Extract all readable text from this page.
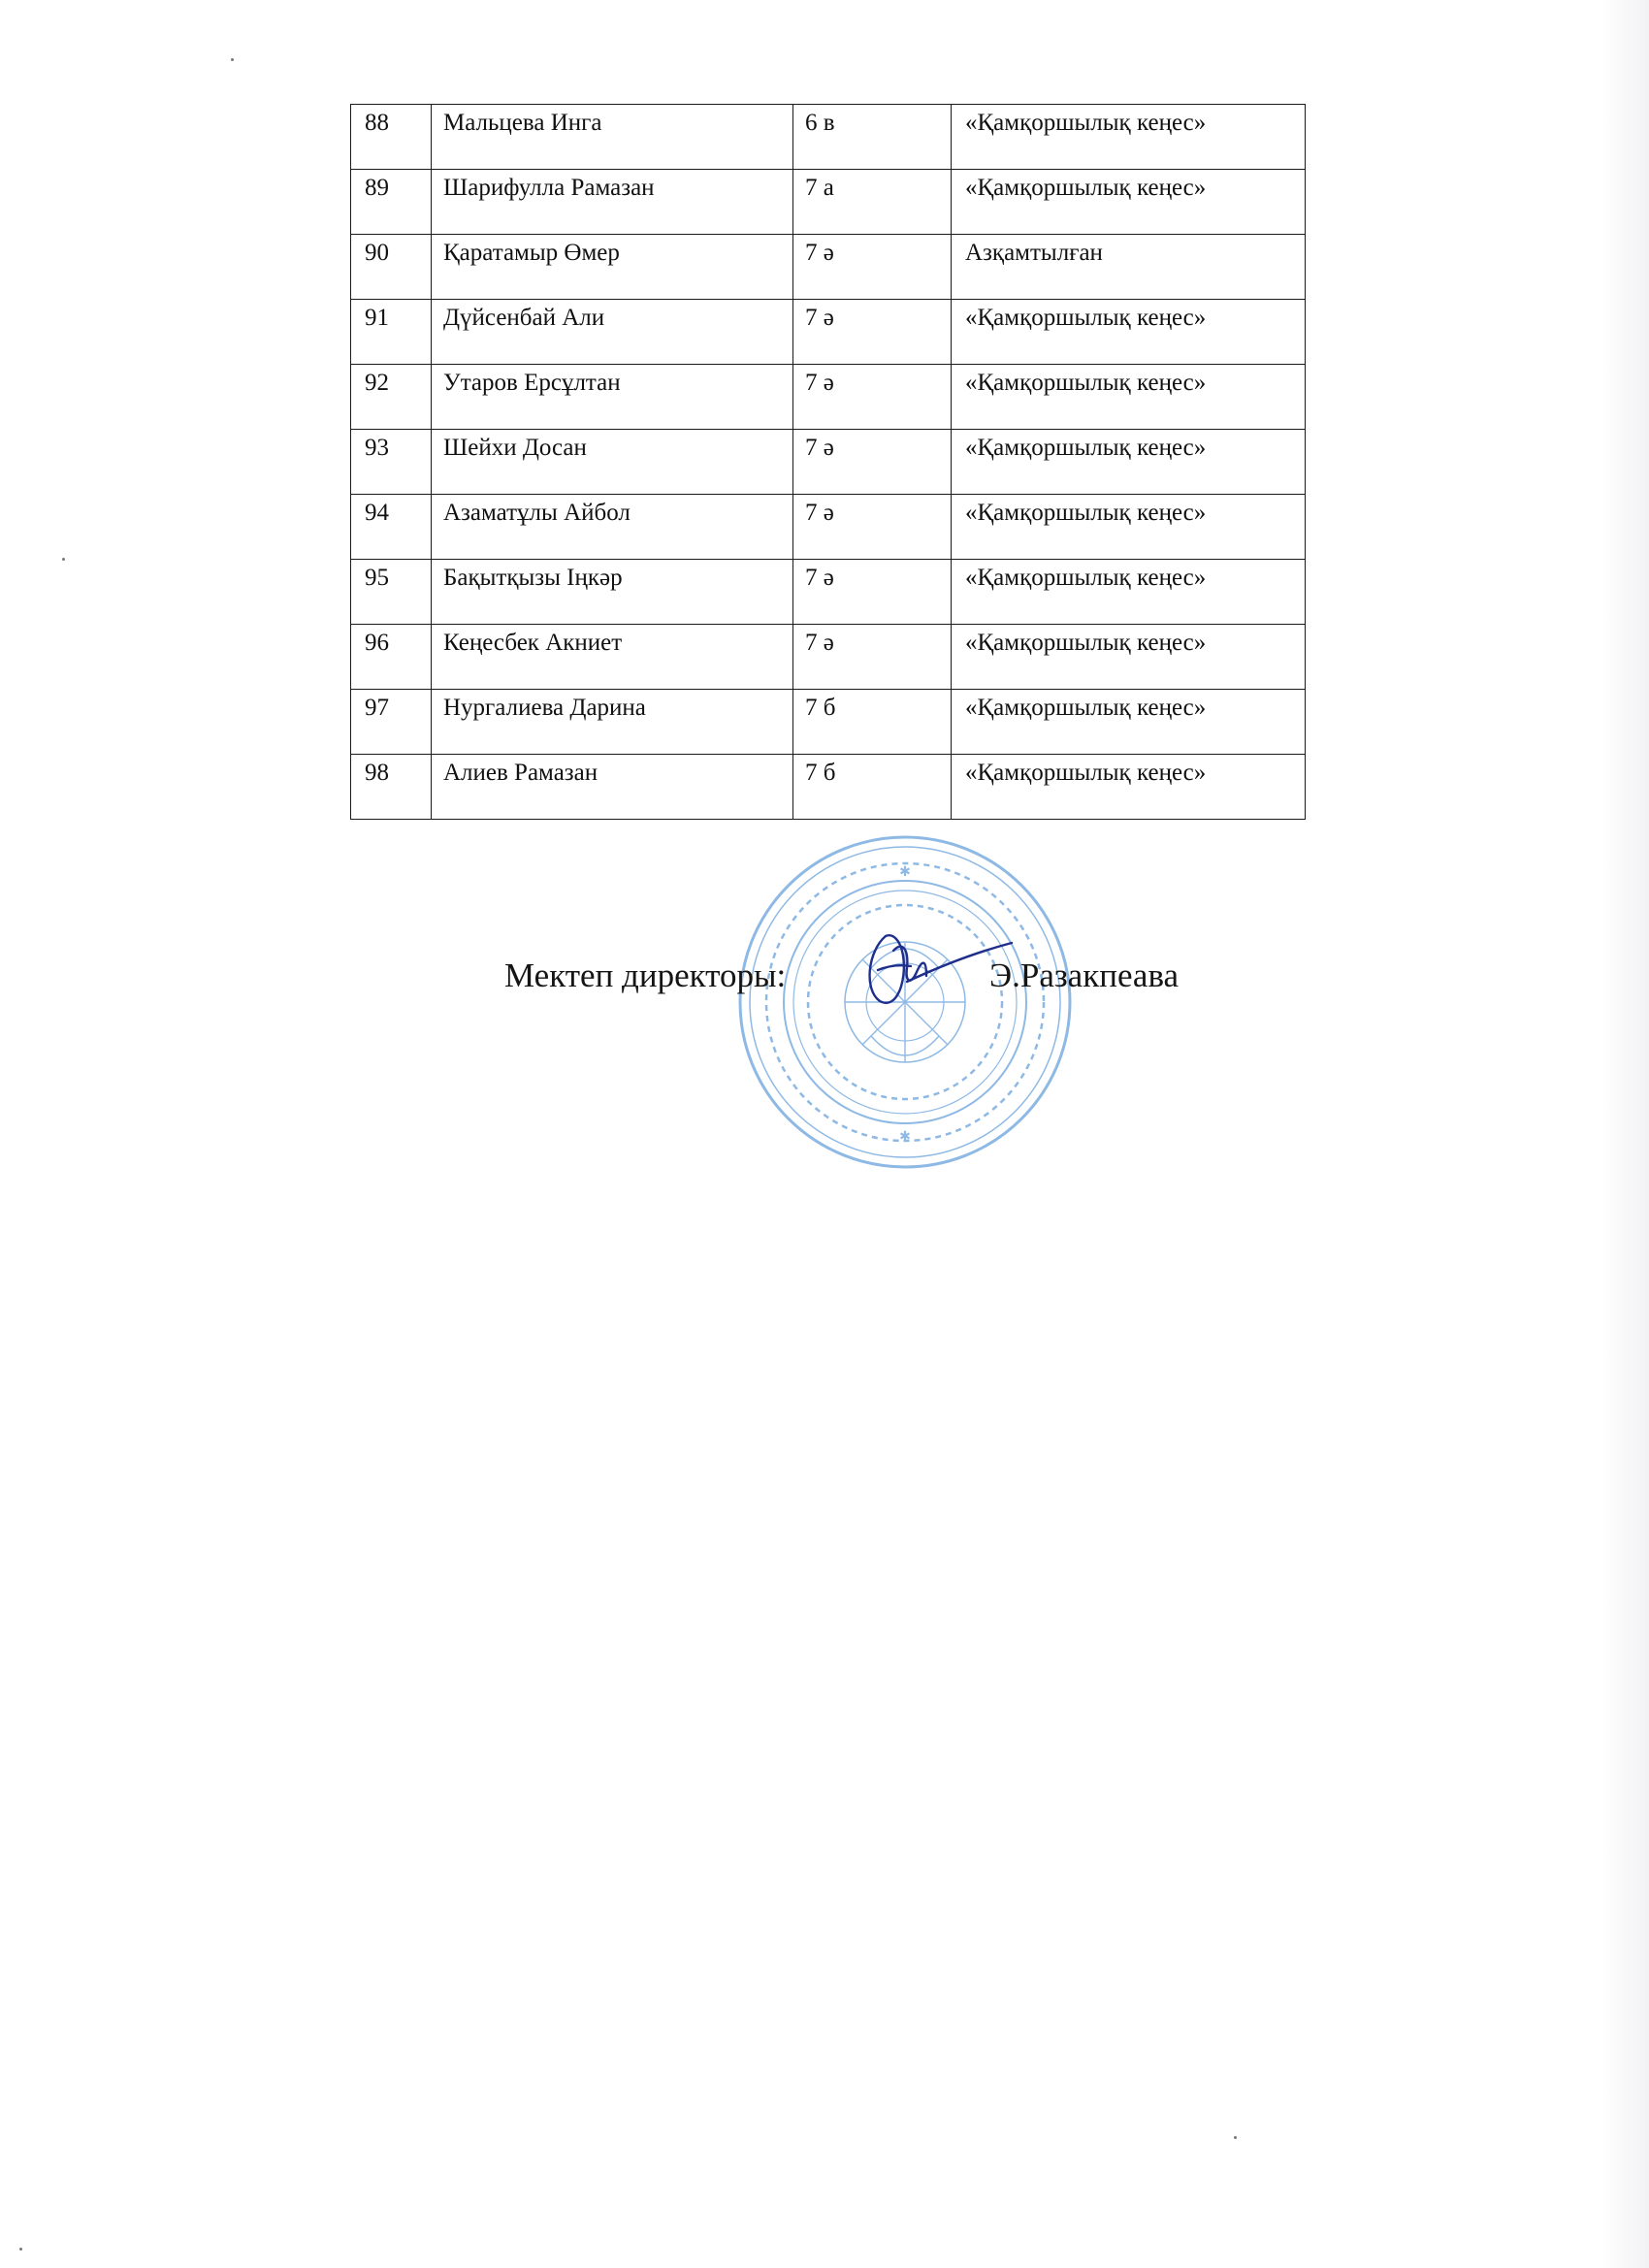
88	Мальцева Инга	6 в	«Қамқоршылық кеңес»
89	Шарифулла Рамазан	7 а	«Қамқоршылық кеңес»
90	Қаратамыр Өмер	7 ә	Азқамтылған
91	Дүйсенбай Али	7 ә	«Қамқоршылық кеңес»
92	Утаров Ерсұлтан	7 ә	«Қамқоршылық кеңес»
93	Шейхи Досан	7 ә	«Қамқоршылық кеңес»
94	Азаматұлы Айбол	7 ә	«Қамқоршылық кеңес»
95	Бақытқызы Іңкәр	7 ә	«Қамқоршылық кеңес»
96	Кеңесбек Акниет	7 ә	«Қамқоршылық кеңес»
97	Нургалиева Дарина	7 б	«Қамқоршылық кеңес»
98	Алиев Рамазан	7 б	«Қамқоршылық кеңес»
✱
✱
Мектеп директоры:	Э.Разакпеава
